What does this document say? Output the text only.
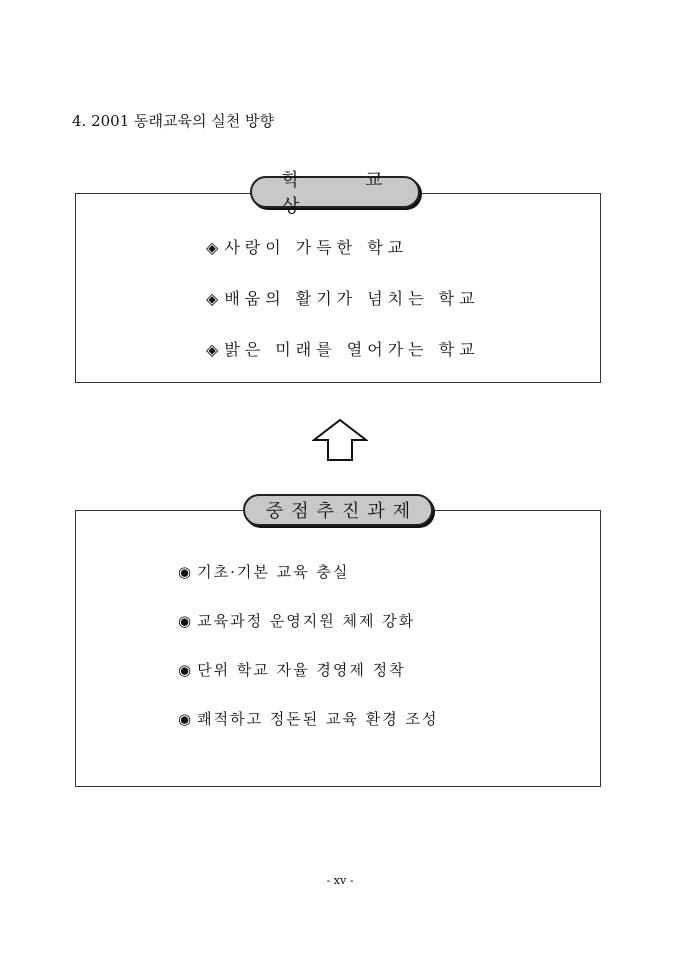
4. 2001 동래교육의 실천 방향
학 교 상
◈ 사랑이 가득한 학교
◈ 배움의 활기가 넘치는 학교
◈ 밝은 미래를 열어가는 학교
중점추진과제
◉ 기초·기본 교육 충실
◉ 교육과정 운영지원 체제 강화
◉ 단위 학교 자율 경영제 정착
◉ 쾌적하고 정돈된 교육 환경 조성
- xv -
